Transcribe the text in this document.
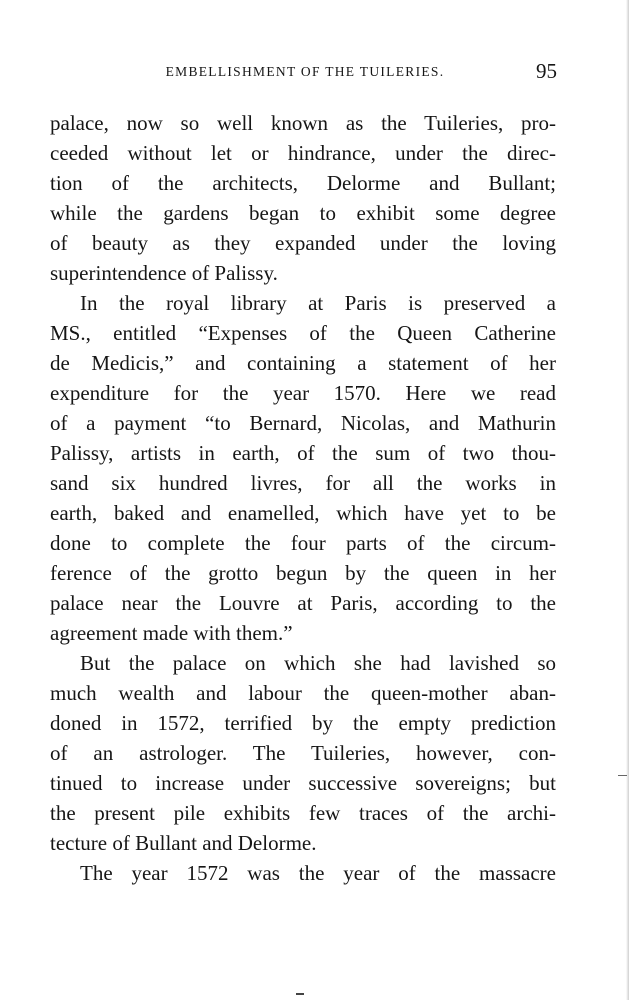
EMBELLISHMENT OF THE TUILERIES.	95
palace, now so well known as the Tuileries, pro-
ceeded without let or hindrance, under the direc-
tion of the architects, Delorme and Bullant;
while the gardens began to exhibit some degree
of beauty as they expanded under the loving
superintendence of Palissy.
In the royal library at Paris is preserved a
MS., entitled “Expenses of the Queen Catherine
de Medicis,” and containing a statement of her
expenditure for the year 1570. Here we read
of a payment “to Bernard, Nicolas, and Mathurin
Palissy, artists in earth, of the sum of two thou-
sand six hundred livres, for all the works in
earth, baked and enamelled, which have yet to be
done to complete the four parts of the circum-
ference of the grotto begun by the queen in her
palace near the Louvre at Paris, according to the
agreement made with them.”
But the palace on which she had lavished so
much wealth and labour the queen-mother aban-
doned in 1572, terrified by the empty prediction
of an astrologer. The Tuileries, however, con-
tinued to increase under successive sovereigns; but
the present pile exhibits few traces of the archi-
tecture of Bullant and Delorme.
The year 1572 was the year of the massacre
